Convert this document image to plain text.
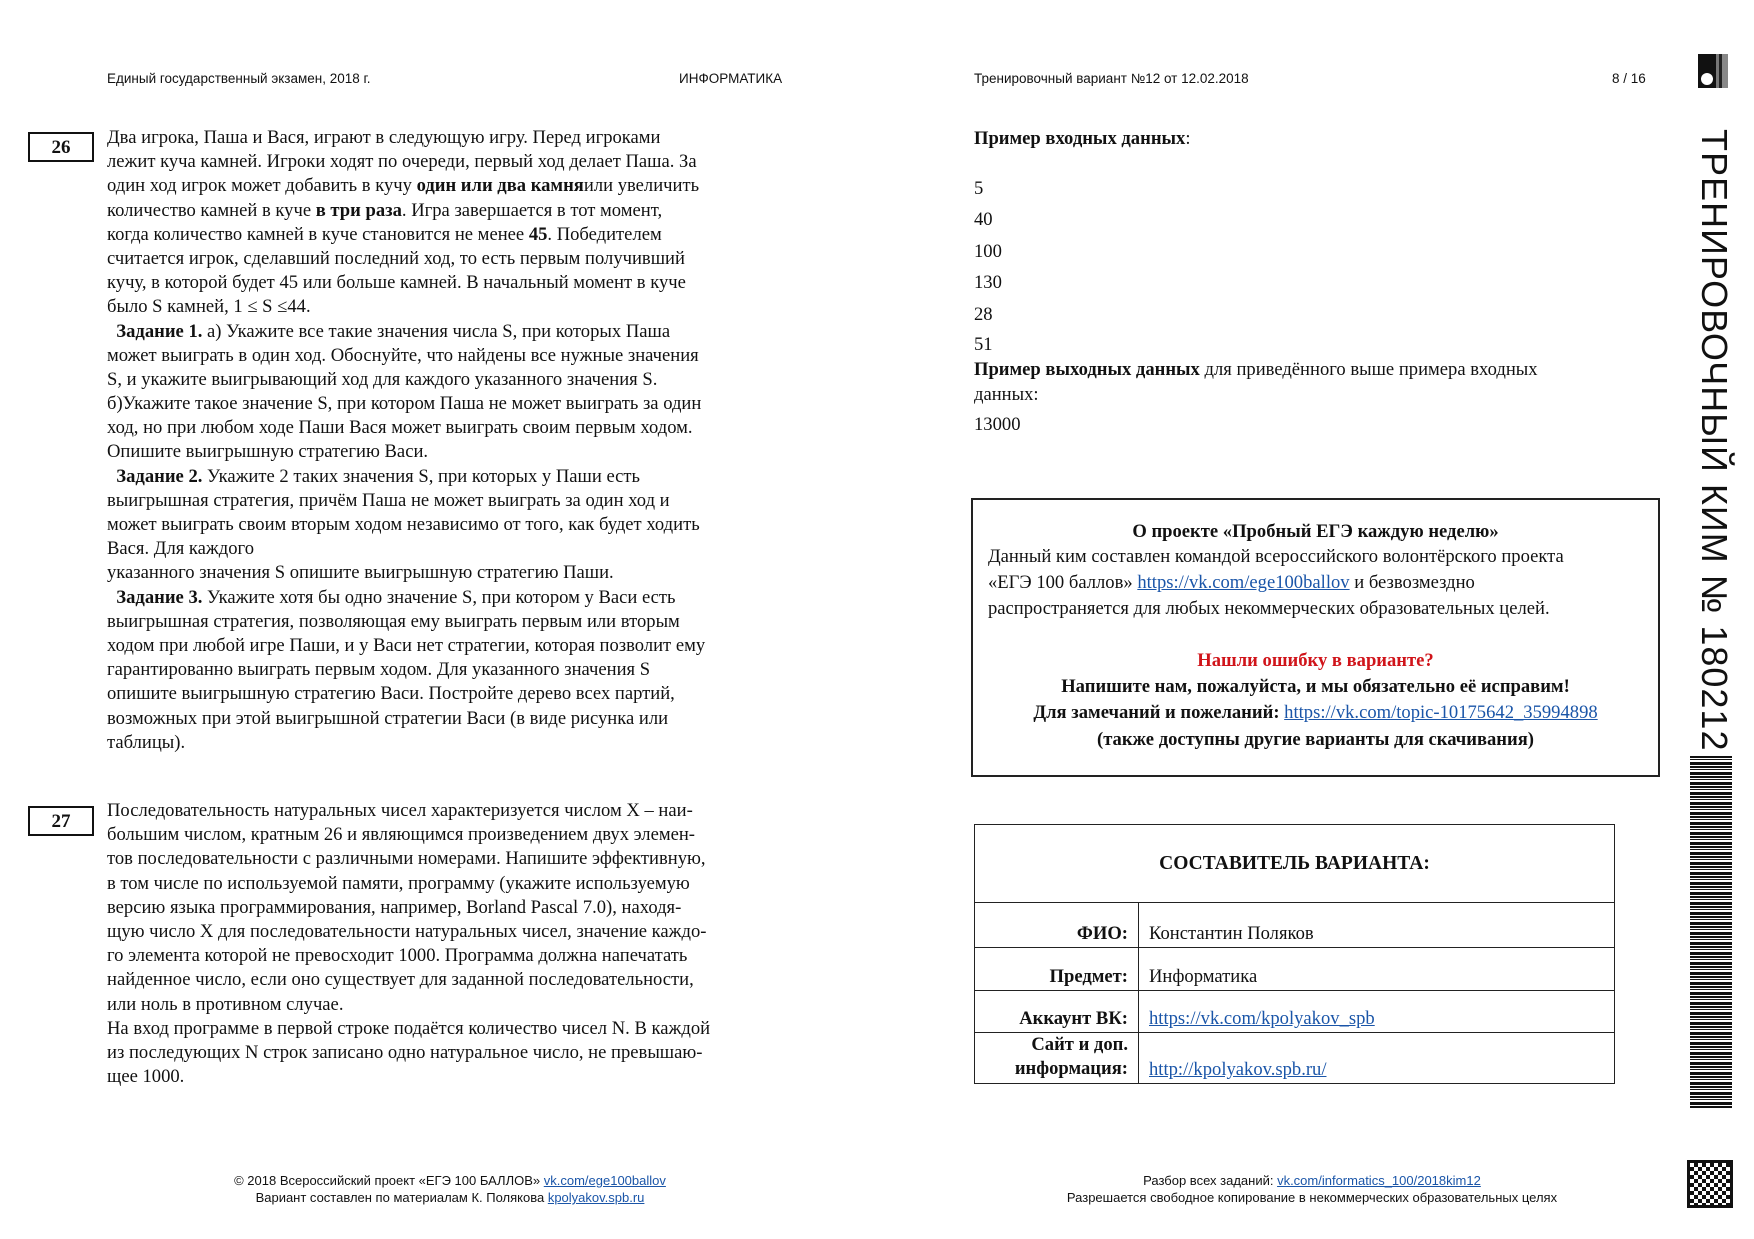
Единый государственный экзамен, 2018 г.	ИНФОРМАТИКА	Тренировочный вариант №12 от 12.02.2018	8 / 16
26	Два игрока, Паша и Вася, играют в следующую игру. Перед игроками
лежит куча камней. Игроки ходят по очереди, первый ход делает Паша. За
один ход игрок может добавить в кучу один или два камняили увеличить
количество камней в куче в три раза. Игра завершается в тот момент,
когда количество камней в куче становится не менее 45. Победителем
считается игрок, сделавший последний ход, то есть первым получивший
кучу, в которой будет 45 или больше камней. В начальный момент в куче
было S камней, 1 ≤ S ≤44.
Задание 1. а) Укажите все такие значения числа S, при которых Паша
может выиграть в один ход. Обоснуйте, что найдены все нужные значения
S, и укажите выигрывающий ход для каждого указанного значения S.
б)Укажите такое значение S, при котором Паша не может выиграть за один
ход, но при любом ходе Паши Вася может выиграть своим первым ходом.
Опишите выигрышную стратегию Васи.
Задание 2. Укажите 2 таких значения S, при которых у Паши есть
выигрышная стратегия, причём Паша не может выиграть за один ход и
может выиграть своим вторым ходом независимо от того, как будет ходить
Вася. Для каждого
указанного значения S опишите выигрышную стратегию Паши.
Задание 3. Укажите хотя бы одно значение S, при котором у Васи есть
выигрышная стратегия, позволяющая ему выиграть первым или вторым
ходом при любой игре Паши, и у Васи нет стратегии, которая позволит ему
гарантированно выиграть первым ходом. Для указанного значения S
опишите выигрышную стратегию Васи. Постройте дерево всех партий,
возможных при этой выигрышной стратегии Васи (в виде рисунка или
таблицы).
27
Последовательность натуральных чисел характеризуется числом X – наи-
большим числом, кратным 26 и являющимся произведением двух элемен-
тов последовательности с различными номерами. Напишите эффективную,
в том числе по используемой памяти, программу (укажите используемую
версию языка программирования, например, Borland Pascal 7.0), находя-
щую число X для последовательности натуральных чисел, значение каждо-
го элемента которой не превосходит 1000. Программа должна напечатать
найденное число, если оно существует для заданной последовательности,
или ноль в противном случае.
На вход программе в первой строке подаётся количество чисел N. В каждой
из последующих N строк записано одно натуральное число, не превышаю-
щее 1000.
Пример входных данных:
5
40
100
130
28
51
Пример выходных данных для приведённого выше примера входных
данных:
13000
О проекте «Пробный ЕГЭ каждую неделю»
Данный ким составлен командой всероссийского волонтёрского проекта
«ЕГЭ 100 баллов» https://vk.com/ege100ballov и безвозмездно
распространяется для любых некоммерческих образовательных целей.
Нашли ошибку в варианте?
Напишите нам, пожалуйста, и мы обязательно её исправим!
Для замечаний и пожеланий: https://vk.com/topic-10175642_35994898
(также доступны другие варианты для скачивания)
СОСТАВИТЕЛЬ ВАРИАНТА:	
ФИО:	Константин Поляков
Предмет:	Информатика
Аккаунт ВК:	https://vk.com/kpolyakov_spb
Сайт и доп. информация:	http://kpolyakov.spb.ru/
ТРЕНИРОВОЧНЫЙ КИМ № 180212
© 2018 Всероссийский проект «ЕГЭ 100 БАЛЛОВ» vk.com/ege100ballov
Вариант составлен по материалам К. Полякова kpolyakov.spb.ru
Разбор всех заданий: vk.com/informatics_100/2018kim12
Разрешается свободное копирование в некоммерческих образовательных целях
